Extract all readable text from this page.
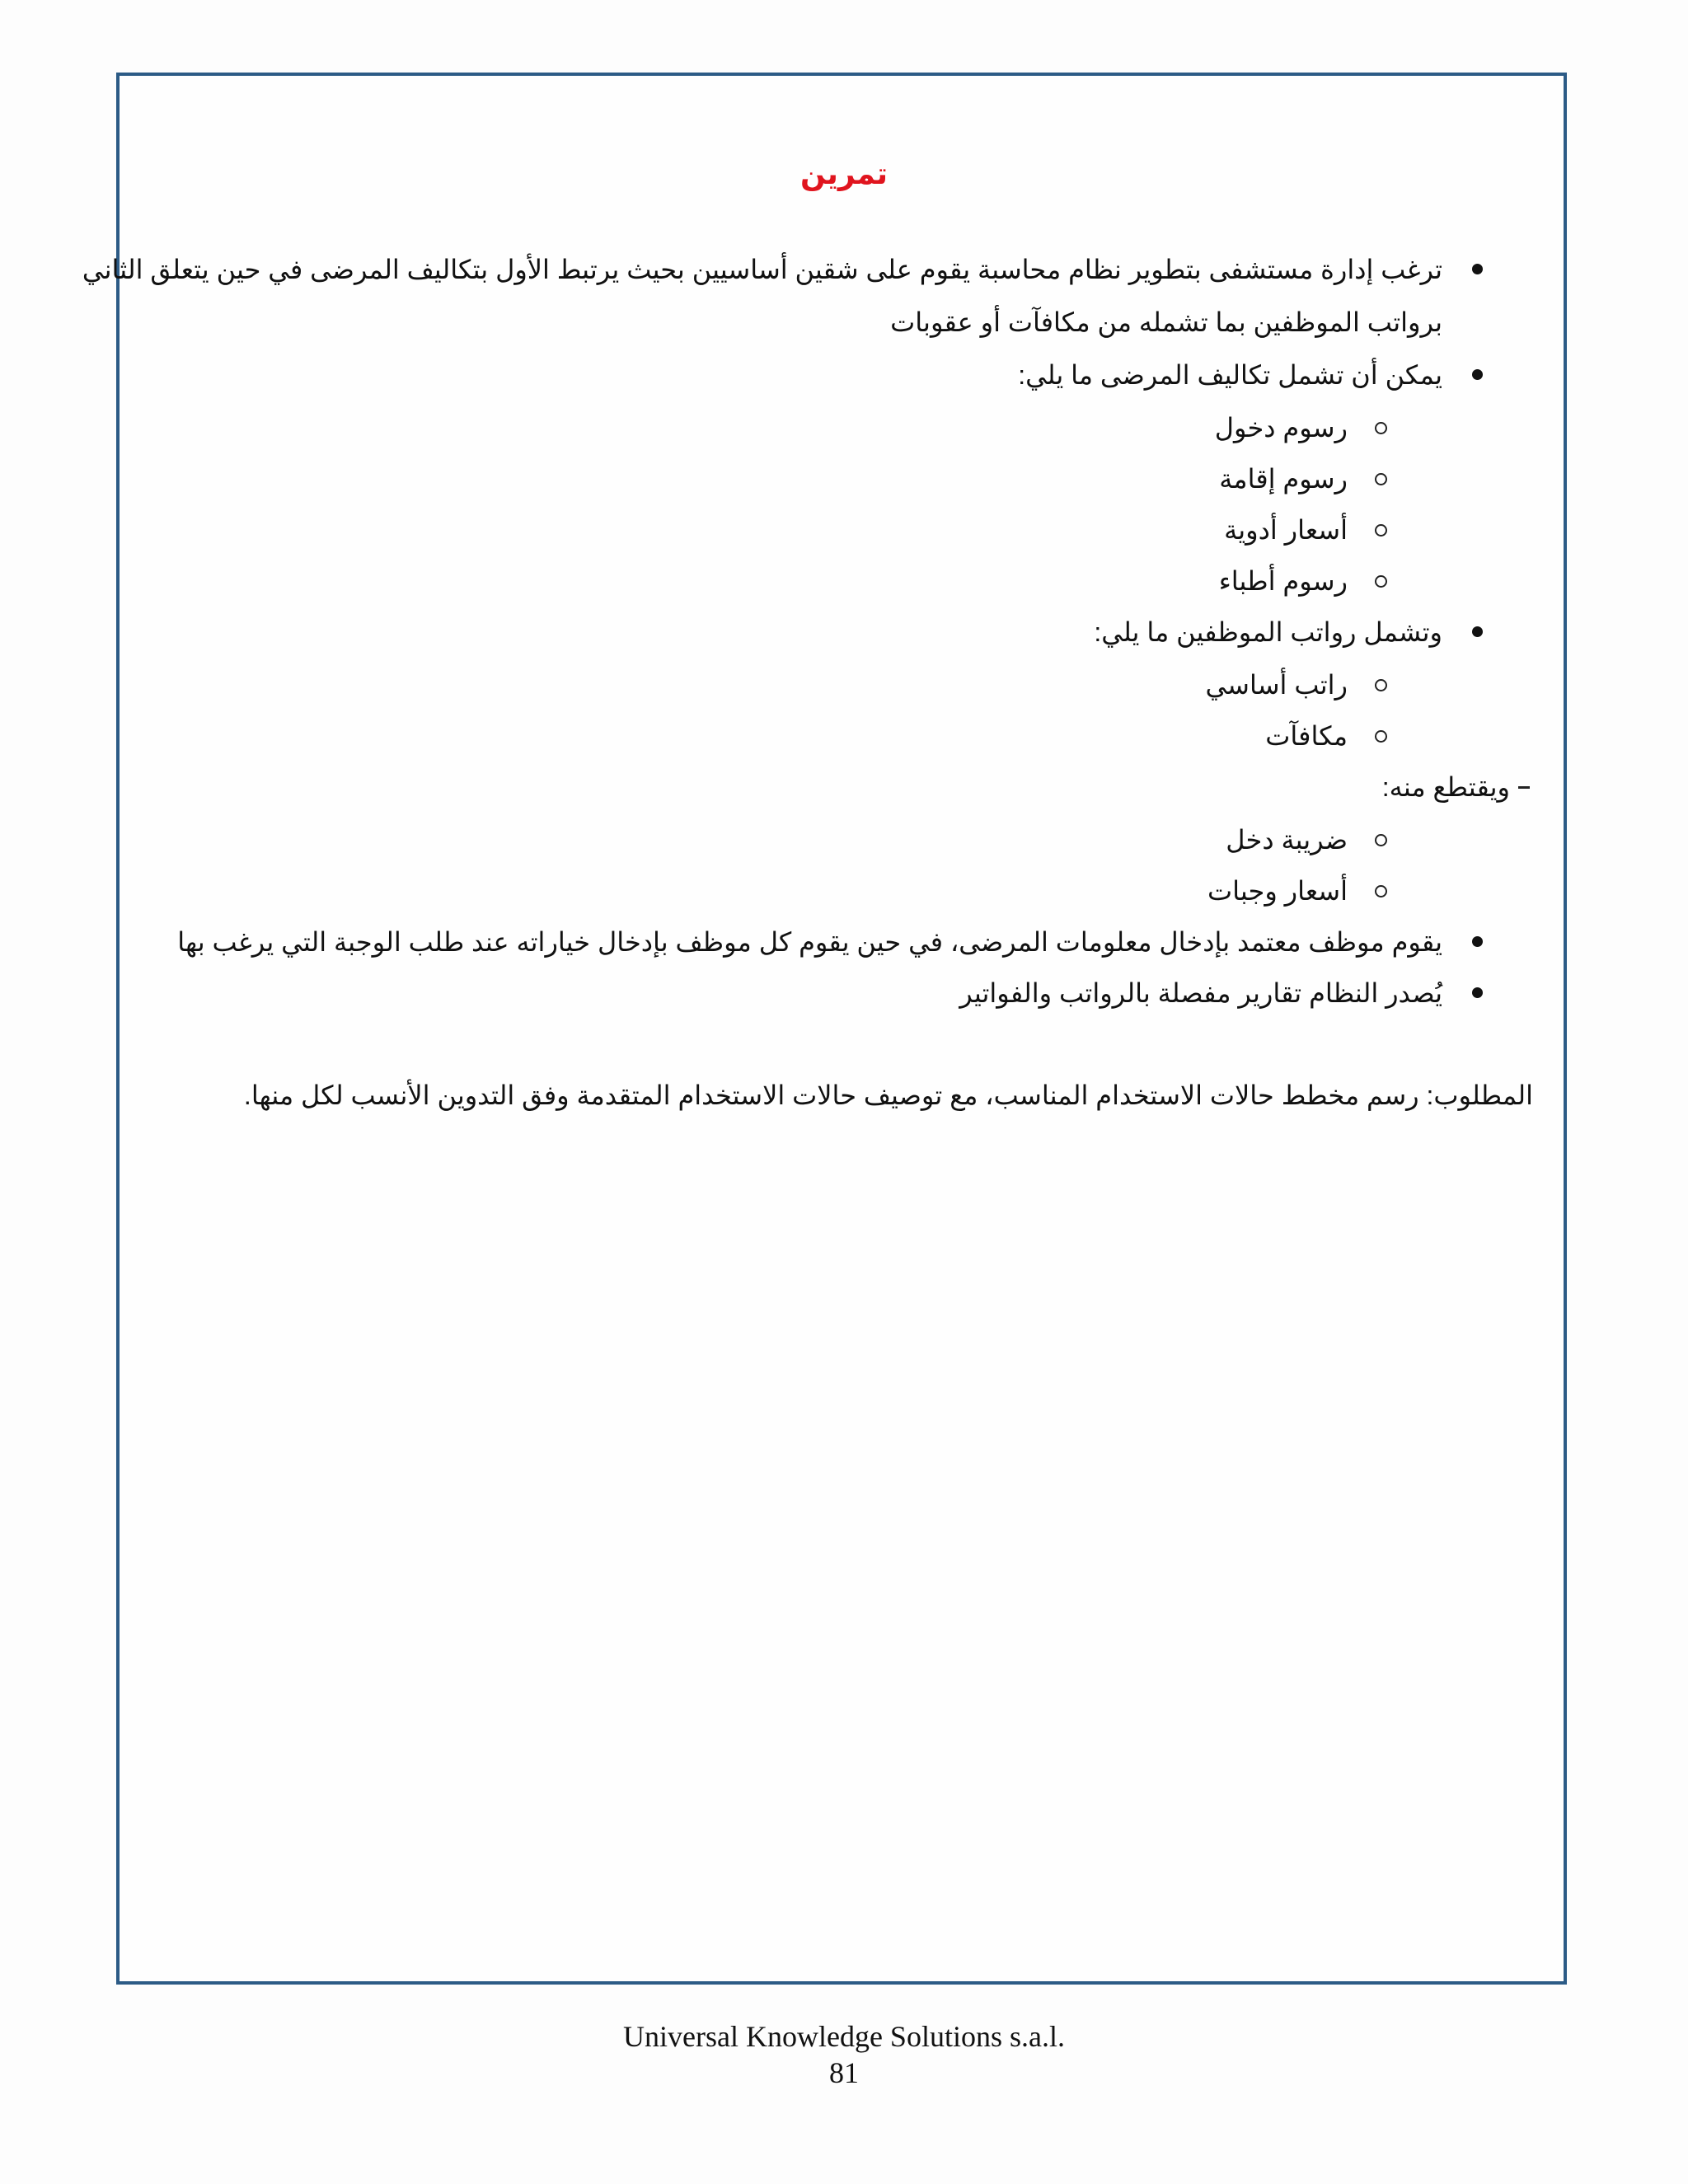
تمرين
ترغب إدارة مستشفى بتطوير نظام محاسبة يقوم على شقين أساسيين بحيث يرتبط الأول بتكاليف المرضى في حين يتعلق الثاني
برواتب الموظفين بما تشمله من مكافآت أو عقوبات
يمكن أن تشمل تكاليف المرضى ما يلي:
رسوم دخول
رسوم إقامة
أسعار أدوية
رسوم أطباء
وتشمل رواتب الموظفين ما يلي:
راتب أساسي
مكافآت
ويقتطع منه:
ضريبة دخل
أسعار وجبات
يقوم موظف معتمد بإدخال معلومات المرضى، في حين يقوم كل موظف بإدخال خياراته عند طلب الوجبة التي يرغب بها
يُصدر النظام تقارير مفصلة بالرواتب والفواتير
المطلوب: رسم مخطط حالات الاستخدام المناسب، مع توصيف حالات الاستخدام المتقدمة وفق التدوين الأنسب لكل منها.
Universal Knowledge Solutions s.a.l.
81
